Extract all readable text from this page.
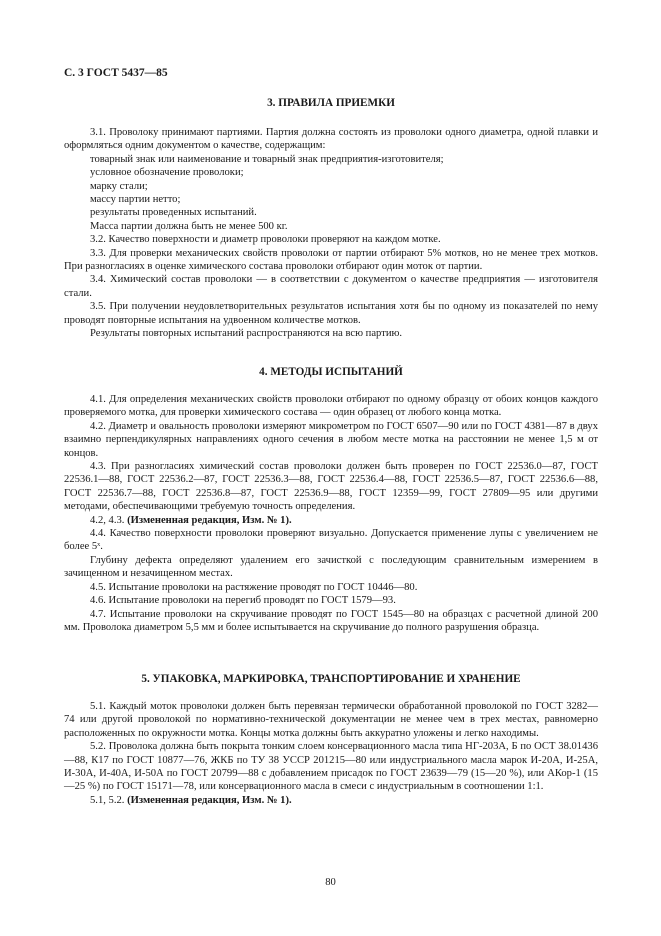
С. 3 ГОСТ 5437—85
3. ПРАВИЛА ПРИЕМКИ

3.1. Проволоку принимают партиями. Партия должна состоять из проволоки одного диаметра, одной плавки и оформляться одним документом о качестве, содержащим:

товарный знак или наименование и товарный знак предприятия-изготовителя;

условное обозначение проволоки;

марку стали;

массу партии нетто;

результаты проведенных испытаний.

Масса партии должна быть не менее 500 кг.

3.2. Качество поверхности и диаметр проволоки проверяют на каждом мотке.

3.3. Для проверки механических свойств проволоки от партии отбирают 5% мотков, но не менее трех мотков. При разногласиях в оценке химического состава проволоки отбирают один моток от партии.

3.4. Химический состав проволоки — в соответствии с документом о качестве предприятия — изготовителя стали.

3.5. При получении неудовлетворительных результатов испытания хотя бы по одному из показателей по нему проводят повторные испытания на удвоенном количестве мотков.

Результаты повторных испытаний распространяются на всю партию.

4. МЕТОДЫ ИСПЫТАНИЙ

4.1. Для определения механических свойств проволоки отбирают по одному образцу от обоих концов каждого проверяемого мотка, для проверки химического состава — один образец от любого конца мотка.

4.2. Диаметр и овальность проволоки измеряют микрометром по ГОСТ 6507—90 или по ГОСТ 4381—87 в двух взаимно перпендикулярных направлениях одного сечения в любом месте мотка на расстоянии не менее 1,5 м от концов.

4.3. При разногласиях химический состав проволоки должен быть проверен по ГОСТ 22536.0—87, ГОСТ 22536.1—88, ГОСТ 22536.2—87, ГОСТ 22536.3—88, ГОСТ 22536.4—88, ГОСТ 22536.5—87, ГОСТ 22536.6—88, ГОСТ 22536.7—88, ГОСТ 22536.8—87, ГОСТ 22536.9—88, ГОСТ 12359—99, ГОСТ 27809—95 или другими методами, обеспечивающими требуемую точность определения.

4.2, 4.3. (Измененная редакция, Изм. № 1).

4.4. Качество поверхности проволоки проверяют визуально. Допускается применение лупы с увеличением не более 5ˣ.

Глубину дефекта определяют удалением его зачисткой с последующим сравнительным измерением в зачищенном и незачищенном местах.

4.5. Испытание проволоки на растяжение проводят по ГОСТ 10446—80.

4.6. Испытание проволоки на перегиб проводят по ГОСТ 1579—93.

4.7. Испытание проволоки на скручивание проводят по ГОСТ 1545—80 на образцах с расчетной длиной 200 мм. Проволока диаметром 5,5 мм и более испытывается на скручивание до полного разрушения образца.

5. УПАКОВКА, МАРКИРОВКА, ТРАНСПОРТИРОВАНИЕ И ХРАНЕНИЕ

5.1. Каждый моток проволоки должен быть перевязан термически обработанной проволокой по ГОСТ 3282—74 или другой проволокой по нормативно-технической документации не менее чем в трех местах, равномерно расположенных по окружности мотка. Концы мотка должны быть аккуратно уложены и легко находимы.

5.2. Проволока должна быть покрыта тонким слоем консервационного масла типа НГ-203А, Б по ОСТ 38.01436—88, К17 по ГОСТ 10877—76, ЖКБ по ТУ 38 УССР 201215—80 или индустриального масла марок И-20А, И-25А, И-30А, И-40А, И-50А по ГОСТ 20799—88 с добавлением присадок по ГОСТ 23639—79 (15—20 %), или АКор-1 (15—25 %) по ГОСТ 15171—78, или консервационного масла в смеси с индустриальным в соотношении 1:1.

5.1, 5.2. (Измененная редакция, Изм. № 1).

80
